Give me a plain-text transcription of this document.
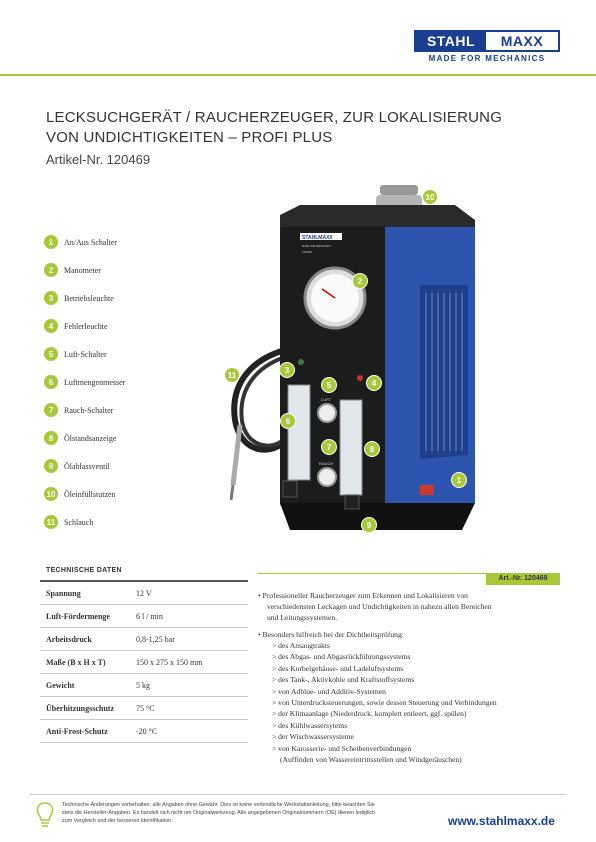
STAHL	MAXX
MADE FOR MECHANICS
LECKSUCHGERÄT / RAUCHERZEUGER, ZUR LOKALISIERUNG
VON UNDICHTIGKEITEN – PROFI PLUS
Artikel-Nr. 120469
1	An/Aus Schalter
2	Manometer
3	Betriebsleuchte
4	Fehlerleuchte
5	Luft-Schalter
6	Luftmengenmesser
7	Rauch-Schalter
8	Ölstandsanzeige
9	Ölablassventil
10	Öleinfüllstutzen
11	Schlauch
STAHLMAXX
MADE FOR MECHANICS
120469
LUFT
RAUCH
1
2
3
4
5
6
7	8
9
10
11
TECHNISCHE DATEN
Spannung	12 V
Luft-Fördermenge	6 l / min
Arbeitsdruck	0,8-1,25 bar
Maße (B x H x T)	150 x 275 x 150 mm
Gewicht	5 kg
Überhitzungsschutz	75 °C
Anti-Frost-Schutz	-20 °C
Art.-Nr. 120469

• Professioneller Raucherzeuger zum Erkennen und Lokalisieren von

verschiedensten Leckagen und Undichtigkeiten in nahezu allen Bereichen

und Leitungssystemen.

• Besonders hilfreich bei der Dichtheitsprüfung:

> des Ansaugtrakts
> des Abgas- und Abgasrückführungssystems
> des Kurbelgehäuse- und Ladeluftsystems
> des Tank-, Aktivkohle und Kraftstoffsystems
> von Adblue- und Additiv-Systemen
> von Unterdrucksteuerungen, sowie dessen Steuerung und Verbindungen
> der Klimaanlage (Niederdruck, komplett entleert, ggf. spülen)
> des Kühlwassersytems
> der Wischwassersysteme
> von Karosserie- und Scheibenverbindungen
(Auffinden von Wassereintrittsstellen und Windgeräuschen)
Technische Änderungen vorbehalten, alle Angaben ohne Gewähr. Dies ist keine verbindliche Werkstattanleitung, bitte beachten Sie
stets die Hersteller-Angaben. Es handelt sich nicht um Originalwerkzeug. Alle angegebenen Originalnummern (OE) dienen lediglich
zum Vergleich und der besseren Identifikation.	www.stahlmaxx.de
